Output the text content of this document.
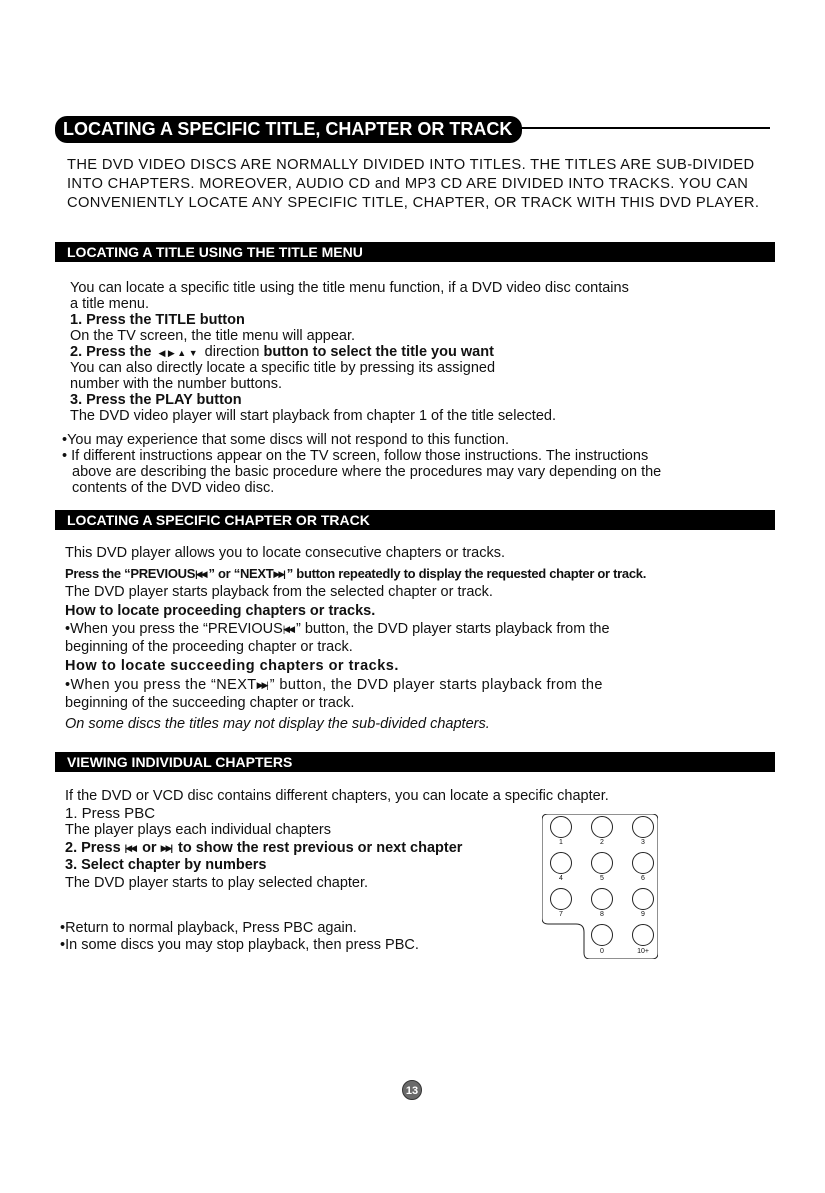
LOCATING A SPECIFIC TITLE, CHAPTER OR TRACK
THE DVD VIDEO DISCS ARE NORMALLY DIVIDED INTO TITLES. THE TITLES ARE SUB-DIVIDED INTO CHAPTERS. MOREOVER, AUDIO CD and MP3 CD ARE DIVIDED INTO TRACKS. YOU CAN CONVENIENTLY LOCATE ANY SPECIFIC TITLE, CHAPTER, OR TRACK WITH THIS DVD PLAYER.
LOCATING A TITLE USING THE TITLE MENU
You can locate a specific title using the title menu function, if a DVD video disc contains
a title menu.
1. Press the TITLE button
On the TV screen, the title menu will appear.
2. Press the ◀ ▶ ▲ ▼ direction button to select the title you want
You can also directly locate a specific title by pressing its assigned
number with the number buttons.
3. Press the PLAY button
The DVD video player will start playback from chapter 1 of the title selected.
•You may experience that some discs will not respond to this function.
• If different instructions appear on the TV screen, follow those instructions. The instructions
above are describing the basic procedure where the procedures may vary depending on the
contents of the DVD video disc.
LOCATING A SPECIFIC CHAPTER OR TRACK
This DVD player allows you to locate consecutive chapters or tracks.
Press the “PREVIOUS|◀◀ ” or “NEXT▶▶| ” button repeatedly to display the requested chapter or track.
The DVD player starts playback from the selected chapter or track.
How to locate proceeding chapters or tracks.
•When you press the “PREVIOUS|◀◀ ” button, the DVD player starts playback from the
beginning of the proceeding chapter or track.
How to locate succeeding chapters or tracks.
•When you press the “NEXT▶▶| ” button, the DVD player starts playback from the
beginning of the succeeding chapter or track.
On some discs the titles may not display the sub-divided chapters.
VIEWING INDIVIDUAL CHAPTERS
If the DVD or VCD disc contains different chapters, you can locate a specific chapter.
1. Press PBC
The player plays each individual chapters
2. Press |◀◀ or ▶▶| to show the rest previous or next chapter
3. Select chapter by numbers
The DVD player starts to play selected chapter.
•Return to normal playback, Press PBC again.
•In some discs you may stop playback, then press PBC.
1	2	3
4	5	6
7	8	9
0	10+
13
